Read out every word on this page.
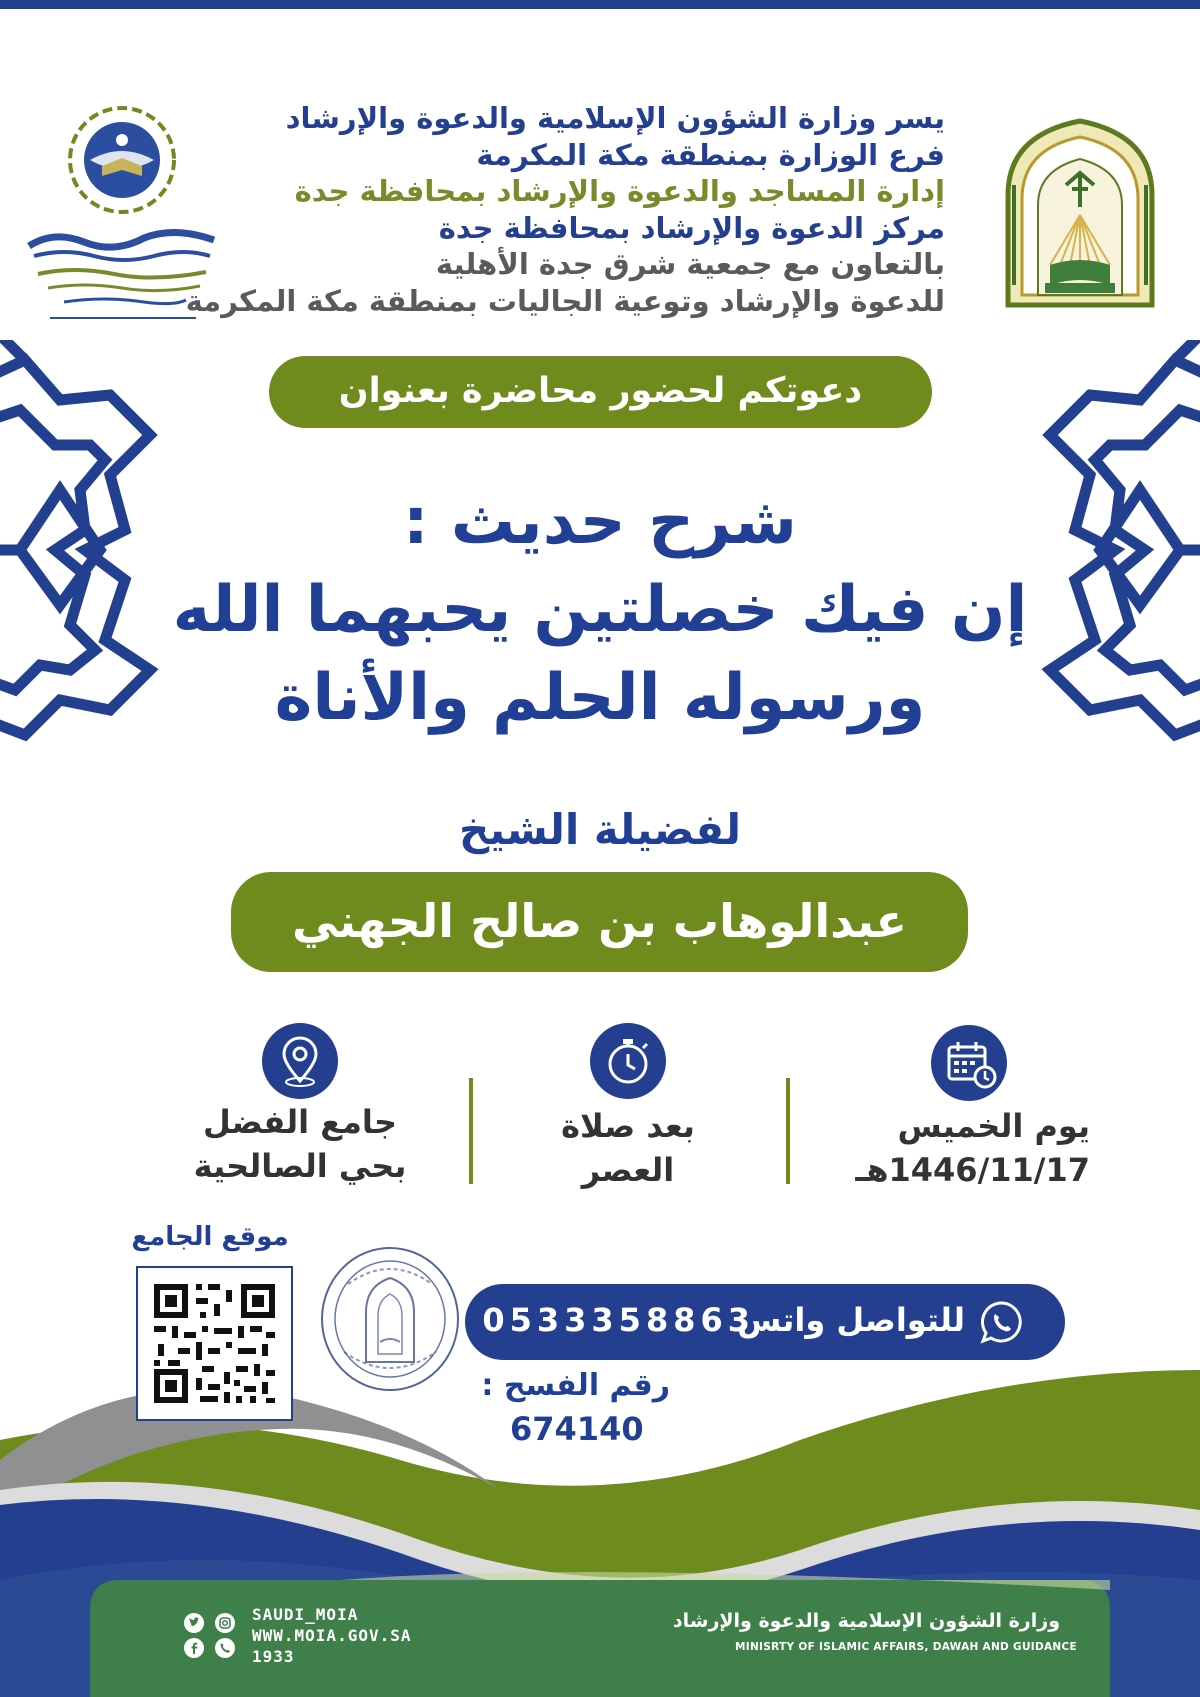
يسر وزارة الشؤون الإسلامية والدعوة والإرشاد
فرع الوزارة بمنطقة مكة المكرمة
إدارة المساجد والدعوة والإرشاد بمحافظة جدة
مركز الدعوة والإرشاد بمحافظة جدة
بالتعاون مع جمعية شرق جدة الأهلية
للدعوة والإرشاد وتوعية الجاليات بمنطقة مكة المكرمة
دعوتكم لحضور محاضرة بعنوان
شرح حديث :
إن فيك خصلتين يحبهما الله
ورسوله الحلم والأناة
لفضيلة الشيخ
عبدالوهاب بن صالح الجهني
يوم الخميس
1446/11/17هـ
بعد صلاة
العصر
جامع الفضل
بحي الصالحية
موقع الجامع
للتواصل واتس
0533358863
رقم الفسح :
674140
وزارة الشؤون الإسلامية والدعوة والإرشاد
MINISRTY OF ISLAMIC AFFAIRS, DAWAH AND GUIDANCE
SAUDI_MOIA
WWW.MOIA.GOV.SA
1933
